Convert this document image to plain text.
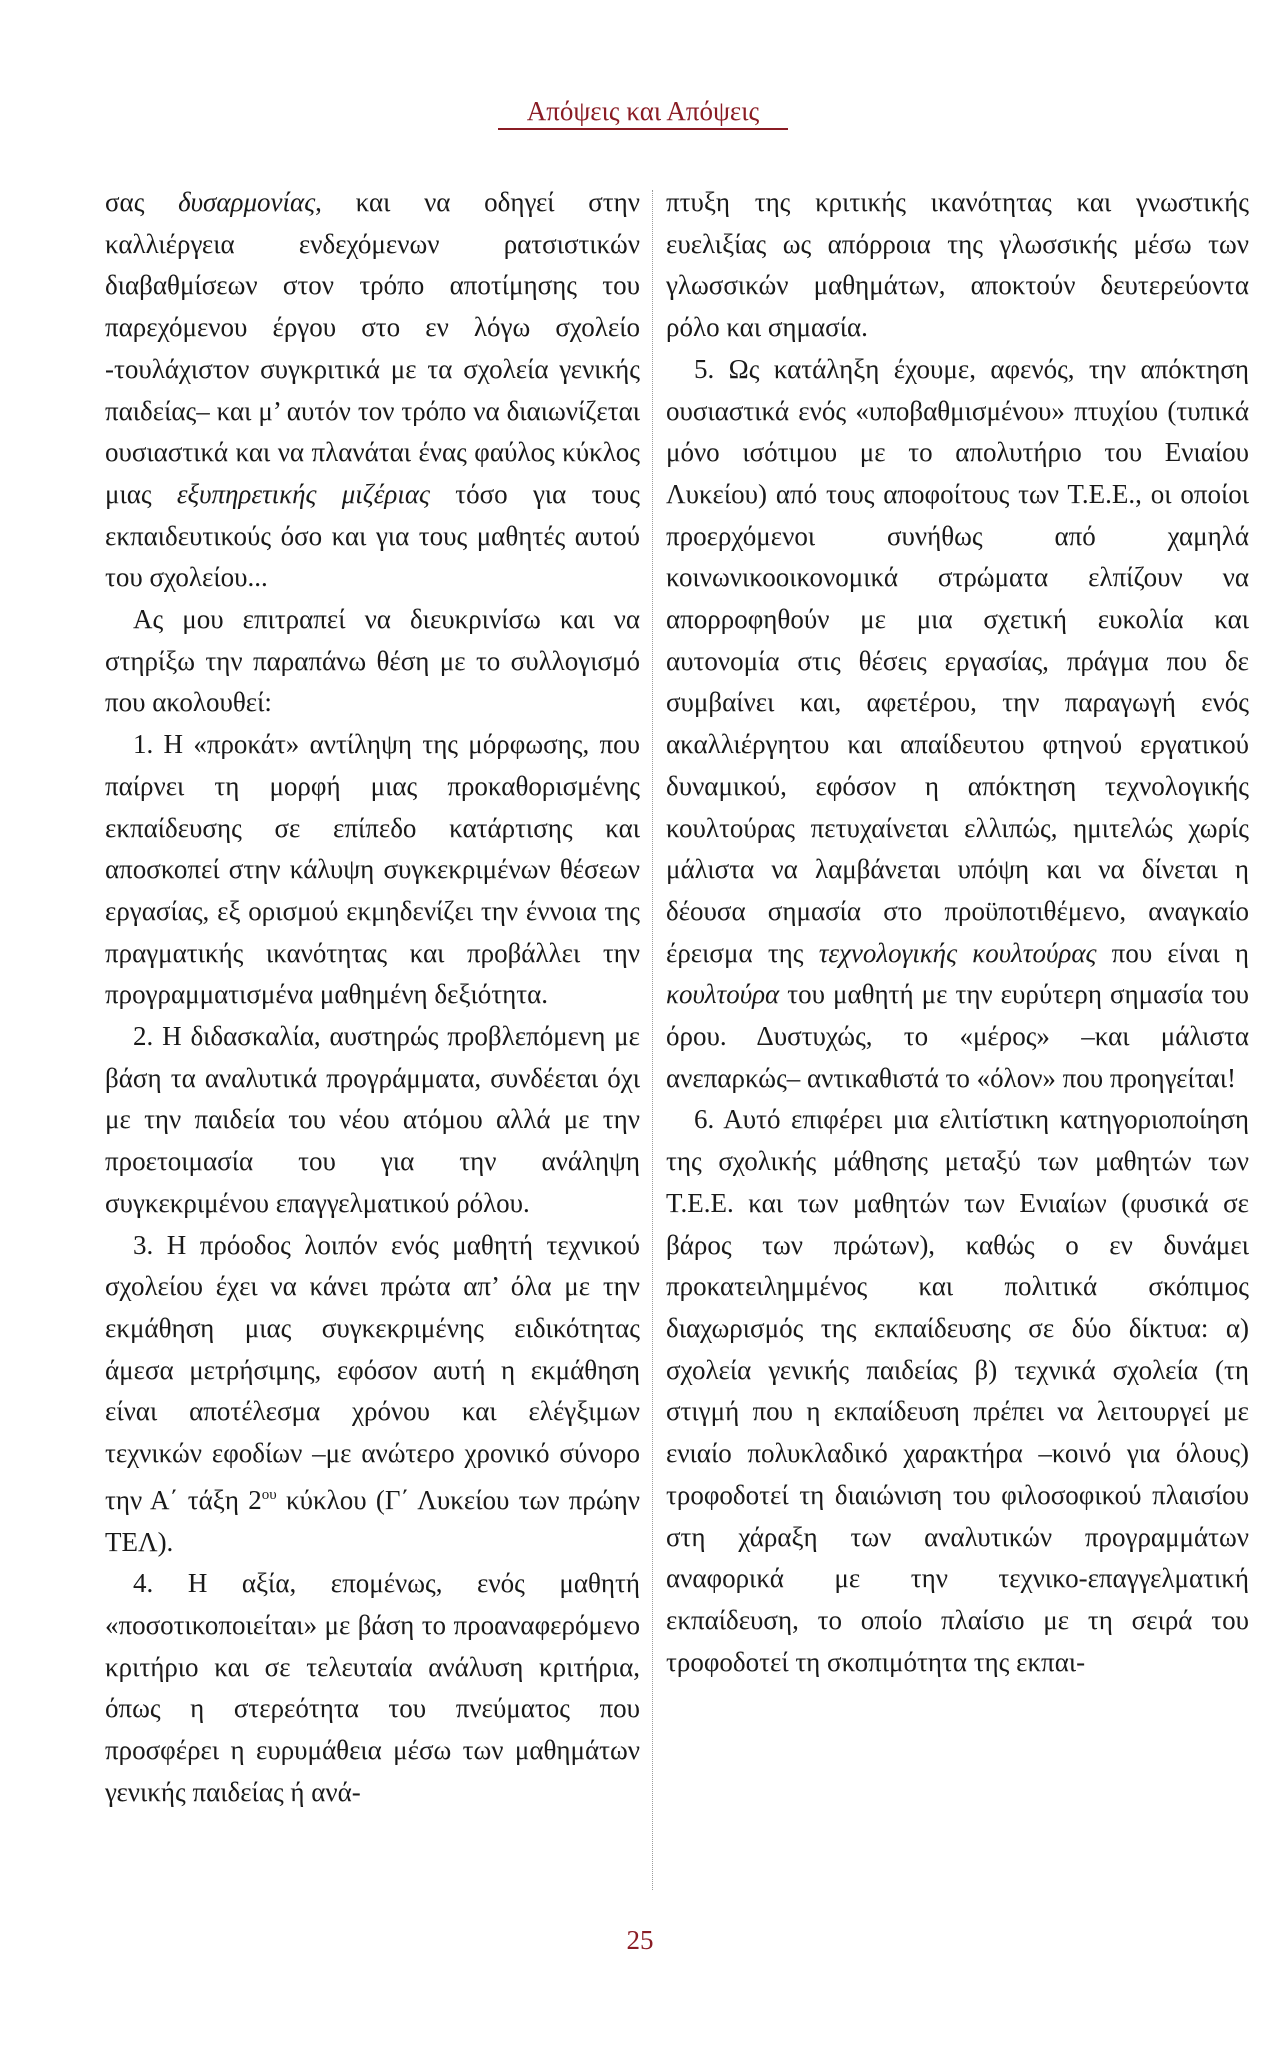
Απόψεις και Απόψεις

σας δυσαρμονίας, και να οδηγεί στην καλλιέργεια ενδεχόμενων ρατσιστικών διαβαθμίσεων στον τρόπο αποτίμησης του παρεχόμενου έργου στο εν λόγω σχολείο -τουλάχιστον συγκριτικά με τα σχολεία γενικής παιδείας– και μ’ αυτόν τον τρόπο να διαιωνίζεται ουσιαστικά και να πλανάται ένας φαύλος κύκλος μιας εξυπηρετικής μιζέριας τόσο για τους εκπαιδευτικούς όσο και για τους μαθητές αυτού του σχολείου...

Ας μου επιτραπεί να διευκρινίσω και να στηρίξω την παραπάνω θέση με το συλλογισμό που ακολουθεί:

1. Η «προκάτ» αντίληψη της μόρφωσης, που παίρνει τη μορφή μιας προκαθορισμένης εκπαίδευσης σε επίπεδο κατάρτισης και αποσκοπεί στην κάλυψη συγκεκριμένων θέσεων εργασίας, εξ ορισμού εκμηδενίζει την έννοια της πραγματικής ικανότητας και προβάλλει την προγραμματισμένα μαθημένη δεξιότητα.

2. Η διδασκαλία, αυστηρώς προβλεπόμενη με βάση τα αναλυτικά προγράμματα, συνδέεται όχι με την παιδεία του νέου ατόμου αλλά με την προετοιμασία του για την ανάληψη συγκεκριμένου επαγγελματικού ρόλου.

3. Η πρόοδος λοιπόν ενός μαθητή τεχνικού σχολείου έχει να κάνει πρώτα απ’ όλα με την εκμάθηση μιας συγκεκριμένης ειδικότητας άμεσα μετρήσιμης, εφόσον αυτή η εκμάθηση είναι αποτέλεσμα χρόνου και ελέγξιμων τεχνικών εφοδίων –με ανώτερο χρονικό σύνορο την Α΄ τάξη $2^{o\upsilon}$ κύκλου (Γ΄ Λυκείου των πρώην ΤΕΛ).

4. Η αξία, επομένως, ενός μαθητή «ποσοτικοποιείται» με βάση το προαναφερόμενο κριτήριο και σε τελευταία ανάλυση κριτήρια, όπως η στερεότητα του πνεύματος που προσφέρει η ευρυμάθεια μέσω των μαθημάτων γενικής παιδείας ή ανά-

πτυξη της κριτικής ικανότητας και γνωστικής ευελιξίας ως απόρροια της γλωσσικής μέσω των γλωσσικών μαθημάτων, αποκτούν δευτερεύοντα ρόλο και σημασία.

5. Ως κατάληξη έχουμε, αφενός, την απόκτηση ουσιαστικά ενός «υποβαθμισμένου» πτυχίου (τυπικά μόνο ισότιμου με το απολυτήριο του Ενιαίου Λυκείου) από τους αποφοίτους των Τ.Ε.Ε., οι οποίοι προερχόμενοι συνήθως από χαμηλά κοινωνικοοικονομικά στρώματα ελπίζουν να απορροφηθούν με μια σχετική ευκολία και αυτονομία στις θέσεις εργασίας, πράγμα που δε συμβαίνει και, αφετέρου, την παραγωγή ενός ακαλλιέργητου και απαίδευτου φτηνού εργατικού δυναμικού, εφόσον η απόκτηση τεχνολογικής κουλτούρας πετυχαίνεται ελλιπώς, ημιτελώς χωρίς μάλιστα να λαμβάνεται υπόψη και να δίνεται η δέουσα σημασία στο προϋποτιθέμενο, αναγκαίο έρεισμα της τεχνολογικής κουλτούρας που είναι η κουλτούρα του μαθητή με την ευρύτερη σημασία του όρου. Δυστυχώς, το «μέρος» –και μάλιστα ανεπαρκώς– αντικαθιστά το «όλον» που προηγείται!

6. Αυτό επιφέρει μια ελιτίστικη κατηγοριοποίηση της σχολικής μάθησης μεταξύ των μαθητών των Τ.Ε.Ε. και των μαθητών των Ενιαίων (φυσικά σε βάρος των πρώτων), καθώς ο εν δυνάμει προκατειλημμένος και πολιτικά σκόπιμος διαχωρισμός της εκπαίδευσης σε δύο δίκτυα: α) σχολεία γενικής παιδείας β) τεχνικά σχολεία (τη στιγμή που η εκπαίδευση πρέπει να λειτουργεί με ενιαίο πολυκλαδικό χαρακτήρα –κοινό για όλους) τροφοδοτεί τη διαιώνιση του φιλοσοφικού πλαισίου στη χάραξη των αναλυτικών προγραμμάτων αναφορικά με την τεχνικο-επαγγελματική εκπαίδευση, το οποίο πλαίσιο με τη σειρά του τροφοδοτεί τη σκοπιμότητα της εκπαι-

25
